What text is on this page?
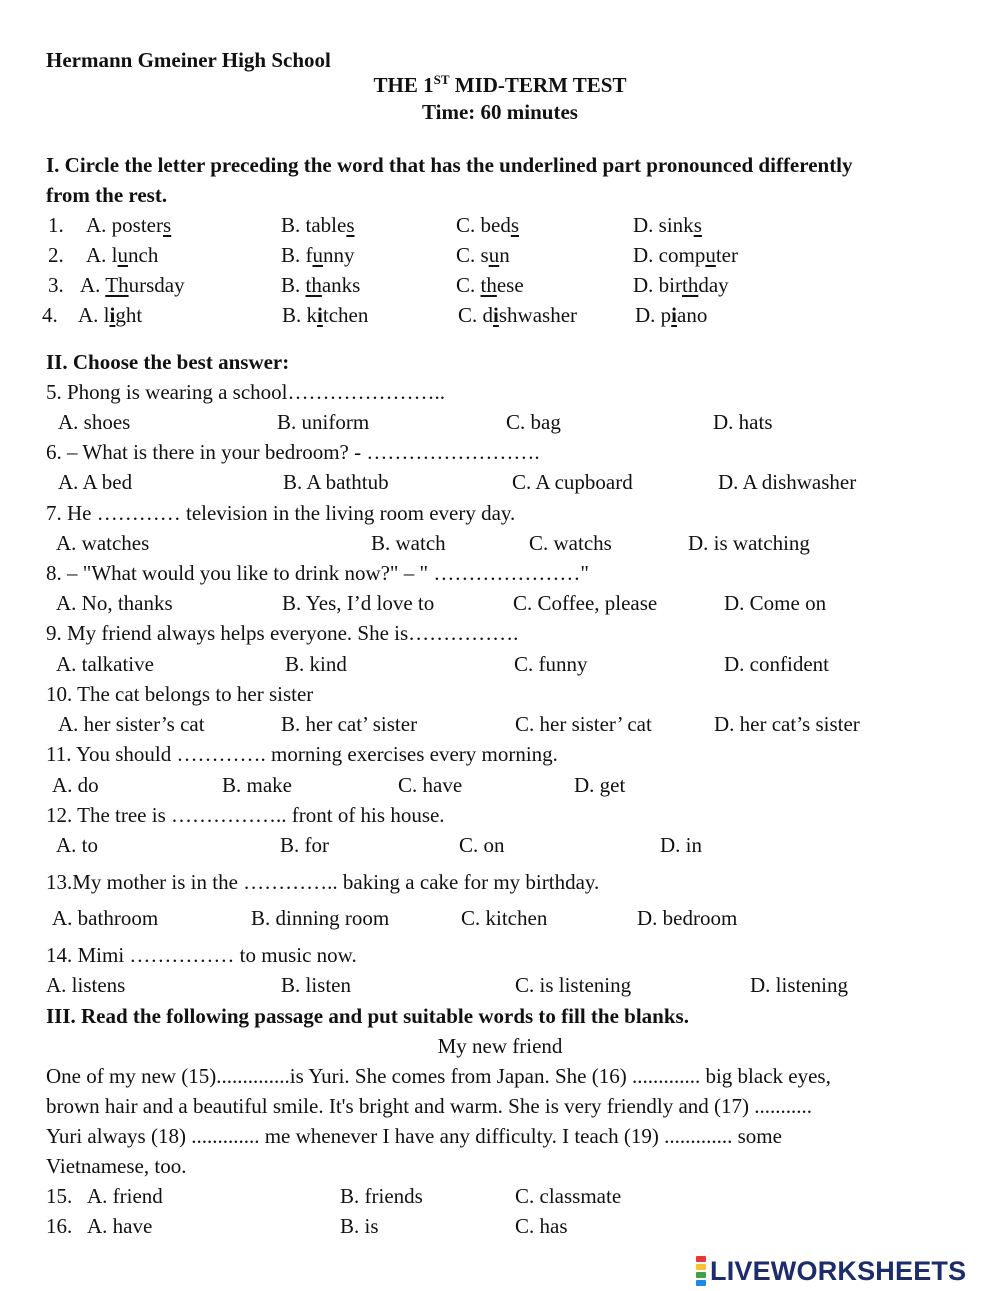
Hermann Gmeiner High School
THE 1ST MID-TERM TEST
Time: 60 minutes
I. Circle the letter preceding the word that has the underlined part pronounced differently
from the rest.
1. A. posters	B. tables	C. beds	D. sinks
2. A. lunch	B. funny	C. sun	D. computer
3. A. Thursday	B. thanks	C. these	D. birthday
4. A. light	B. kitchen	C. dishwasher	D. piano
II. Choose the best answer:
5. Phong is wearing a school…………………..
A. shoes	B. uniform	C. bag	D. hats
6. – What is there in your bedroom? - …………………….
A. A bed	B. A bathtub	C. A cupboard	D. A dishwasher
7. He ………… television in the living room every day.
A. watches	B. watch	C. watchs	D. is watching
8. – "What would you like to drink now?" – " …………………"
A. No, thanks	B. Yes, I’d love to	C. Coffee, please	D. Come on
9. My friend always helps everyone. She is…………….
A. talkative	B. kind	C. funny	D. confident
10. The cat belongs to her sister
A. her sister’s cat	B. her cat’ sister	C. her sister’ cat	D. her cat’s sister
11. You should …………. morning exercises every morning.
A. do	B. make	C. have	D. get
12. The tree is …………….. front of his house.
A. to	B. for	C. on	D. in
13.My mother is in the ………….. baking a cake for my birthday.
A. bathroom	B. dinning room	C. kitchen	D. bedroom
14. Mimi …………… to music now.
A. listens	B. listen	C. is listening	D. listening
III. Read the following passage and put suitable words to fill the blanks.
My new friend
One of my new (15)..............is Yuri. She comes from Japan. She (16) ............. big black eyes,
brown hair and a beautiful smile. It's bright and warm. She is very friendly and (17) ...........
Yuri always (18) ............. me whenever I have any difficulty. I teach (19) ............. some
Vietnamese, too.
15. A. friend	B. friends	C. classmate
16. A. have	B. is	C. has
LIVEWORKSHEETS
